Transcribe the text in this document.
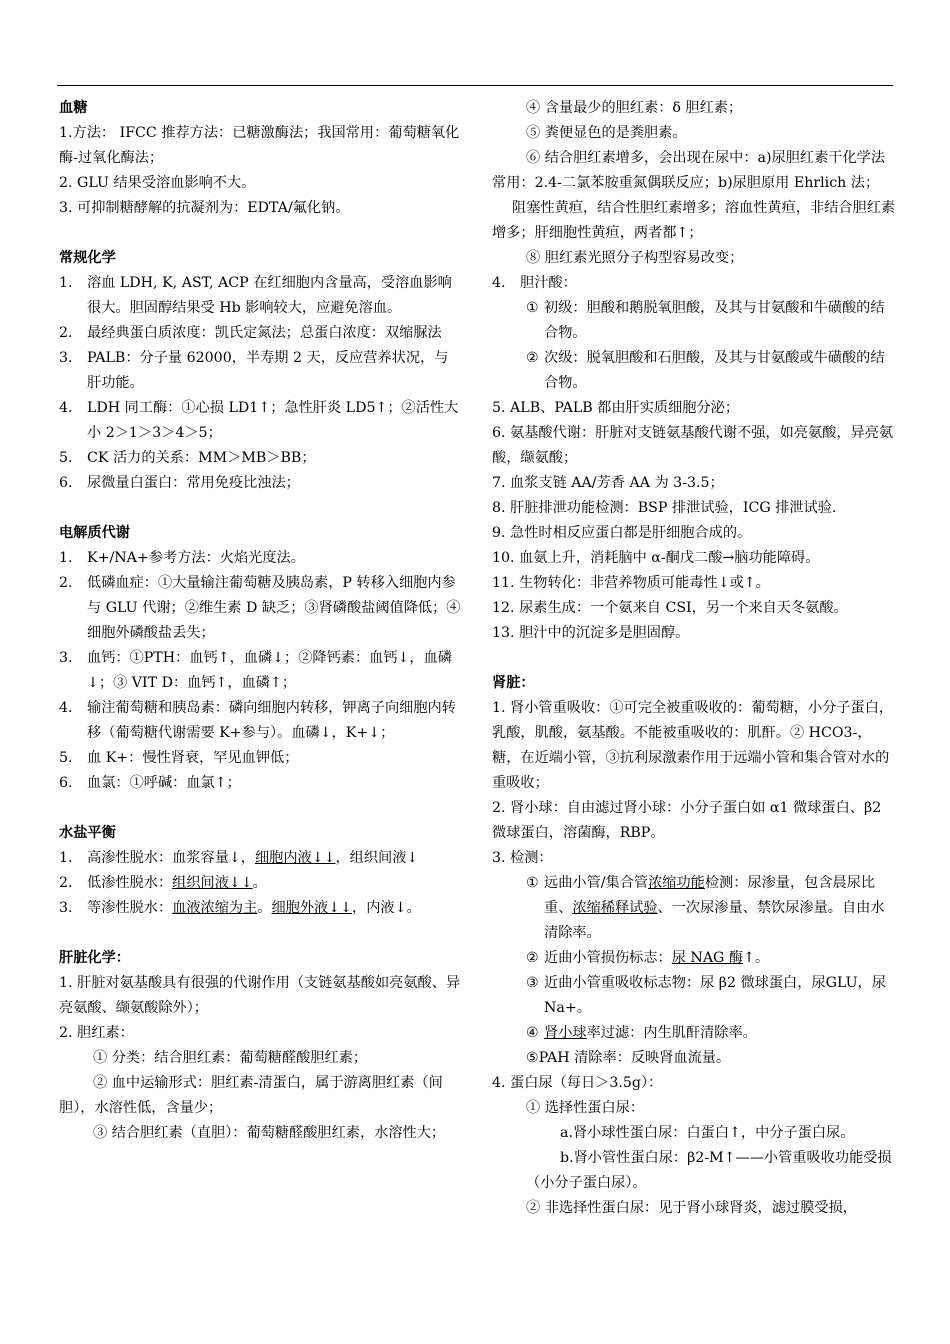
血糖

1.方法： IFCC 推荐方法：已糖激酶法；我国常用：葡萄糖氧化酶-过氧化酶法；

2. GLU 结果受溶血影响不大。

3. 可抑制糖酵解的抗凝剂为：EDTA/氟化钠。

常规化学
1.	溶血 LDH, K, AST, ACP 在红细胞内含量高，受溶血影响很大。胆固醇结果受 Hb 影响较大，应避免溶血。
2.	最经典蛋白质浓度：凯氏定氮法；总蛋白浓度：双缩脲法
3.	PALB：分子量 62000，半寿期 2 天，反应营养状况，与肝功能。
4.	LDH 同工酶：①心损 LD1↑；急性肝炎 LD5↑；②活性大小 2＞1＞3＞4＞5；
5.	CK 活力的关系：MM＞MB＞BB；
6.	尿微量白蛋白：常用免疫比浊法；
电解质代谢
1.	K+/NA+参考方法：火焰光度法。
2.	低磷血症：①大量输注葡萄糖及胰岛素，P 转移入细胞内参与 GLU 代谢；②维生素 D 缺乏；③肾磷酸盐阈值降低；④细胞外磷酸盐丢失；
3.	血钙：①PTH：血钙↑，血磷↓；②降钙素：血钙↓，血磷↓；③ VIT D：血钙↑，血磷↑；
4.	输注葡萄糖和胰岛素：磷向细胞内转移，钾离子向细胞内转移（葡萄糖代谢需要 K+参与）。血磷↓，K+↓；
5.	血 K+：慢性肾衰，罕见血钾低；
6.	血氯：①呼碱：血氯↑；
水盐平衡
1.	高渗性脱水：血浆容量↓，细胞内液↓↓，组织间液↓
2.	低渗性脱水：组织间液↓↓。
3.	等渗性脱水：血液浓缩为主。细胞外液↓↓，内液↓。
肝脏化学：

1. 肝脏对氨基酸具有很强的代谢作用（支链氨基酸如亮氨酸、异亮氨酸、缬氨酸除外）；

2. 胆红素：

① 分类：结合胆红素：葡萄糖醛酸胆红素；

② 血中运输形式：胆红素-清蛋白，属于游离胆红素（间胆），水溶性低，含量少；

③ 结合胆红素（直胆）：葡萄糖醛酸胆红素，水溶性大；

④ 含量最少的胆红素：δ 胆红素；

⑤ 粪便显色的是粪胆素。

⑥ 结合胆红素增多，会出现在尿中：a)尿胆红素干化学法常用：2.4-二氯苯胺重氮偶联反应；b)尿胆原用 Ehrlich 法；

阻塞性黄疸，结合性胆红素增多；溶血性黄疸，非结合胆红素增多；肝细胞性黄疸，两者都↑；

⑧ 胆红素光照分子构型容易改变；

4.	胆汁酸：
① 初级：胆酸和鹅脱氧胆酸，及其与甘氨酸和牛磺酸的结合物。
② 次级：脱氧胆酸和石胆酸，及其与甘氨酸或牛磺酸的结合物。

5. ALB、PALB 都由肝实质细胞分泌；

6. 氨基酸代谢：肝脏对支链氨基酸代谢不强，如亮氨酸，异亮氨酸，缬氨酸；

7. 血浆支链 AA/芳香 AA 为 3-3.5；

8. 肝脏排泄功能检测：BSP 排泄试验，ICG 排泄试验.

9. 急性时相反应蛋白都是肝细胞合成的。

10. 血氨上升，消耗脑中 α-酮戊二酸→脑功能障碍。

11. 生物转化：非营养物质可能毒性↓或↑。

12. 尿素生成：一个氨来自 CSI，另一个来自天冬氨酸。

13. 胆汁中的沉淀多是胆固醇。

肾脏：

1. 肾小管重吸收：①可完全被重吸收的：葡萄糖，小分子蛋白，乳酸，肌酸，氨基酸。不能被重吸收的：肌酐。② HCO3-，糖，在近端小管，③抗利尿激素作用于远端小管和集合管对水的重吸收；

2. 肾小球：自由滤过肾小球：小分子蛋白如 α1 微球蛋白、β2 微球蛋白，溶菌酶，RBP。

3. 检测：

① 远曲小管/集合管浓缩功能检测：尿渗量，包含晨尿比重、浓缩稀释试验、一次尿渗量、禁饮尿渗量。自由水清除率。
② 近曲小管损伤标志：尿 NAG 酶↑。
③ 近曲小管重吸收标志物：尿 β2 微球蛋白，尿GLU，尿 Na+。
④ 肾小球率过滤：内生肌酐清除率。

⑤PAH 清除率：反映肾血流量。

4. 蛋白尿（每日＞3.5g）：

① 选择性蛋白尿：

a.肾小球性蛋白尿：白蛋白↑，中分子蛋白尿。

b.肾小管性蛋白尿：β2-M↑——小管重吸收功能受损（小分子蛋白尿）。

② 非选择性蛋白尿：见于肾小球肾炎，滤过膜受损，
